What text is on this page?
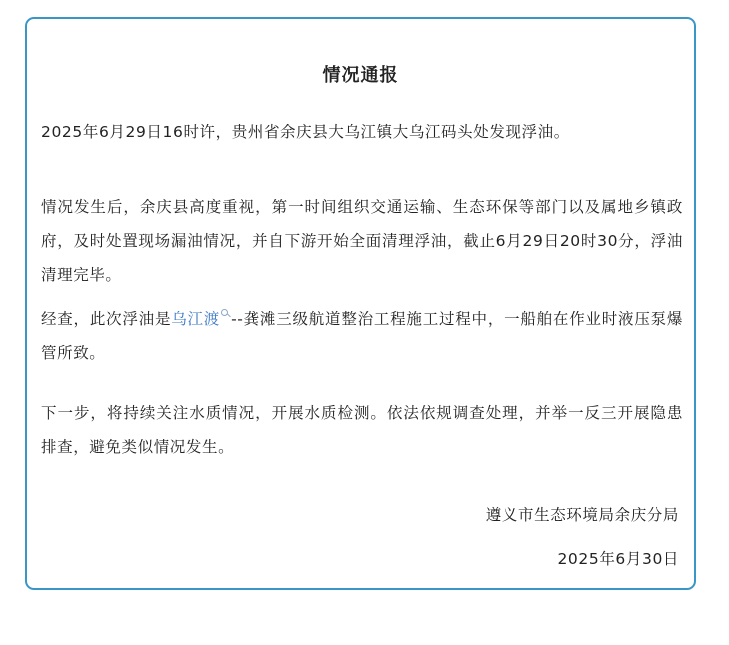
情况通报

2025年6月29日16时许，贵州省余庆县大乌江镇大乌江码头处发现浮油。

情况发生后，余庆县高度重视，第一时间组织交通运输、生态环保等部门以及属地乡镇政府，及时处置现场漏油情况，并自下游开始全面清理浮油，截止6月29日20时30分，浮油清理完毕。

经查，此次浮油是乌江渡 --龚滩三级航道整治工程施工过程中，一船舶在作业时液压泵爆管所致。

下一步，将持续关注水质情况，开展水质检测。依法依规调查处理，并举一反三开展隐患排查，避免类似情况发生。

遵义市生态环境局余庆分局
2025年6月30日
